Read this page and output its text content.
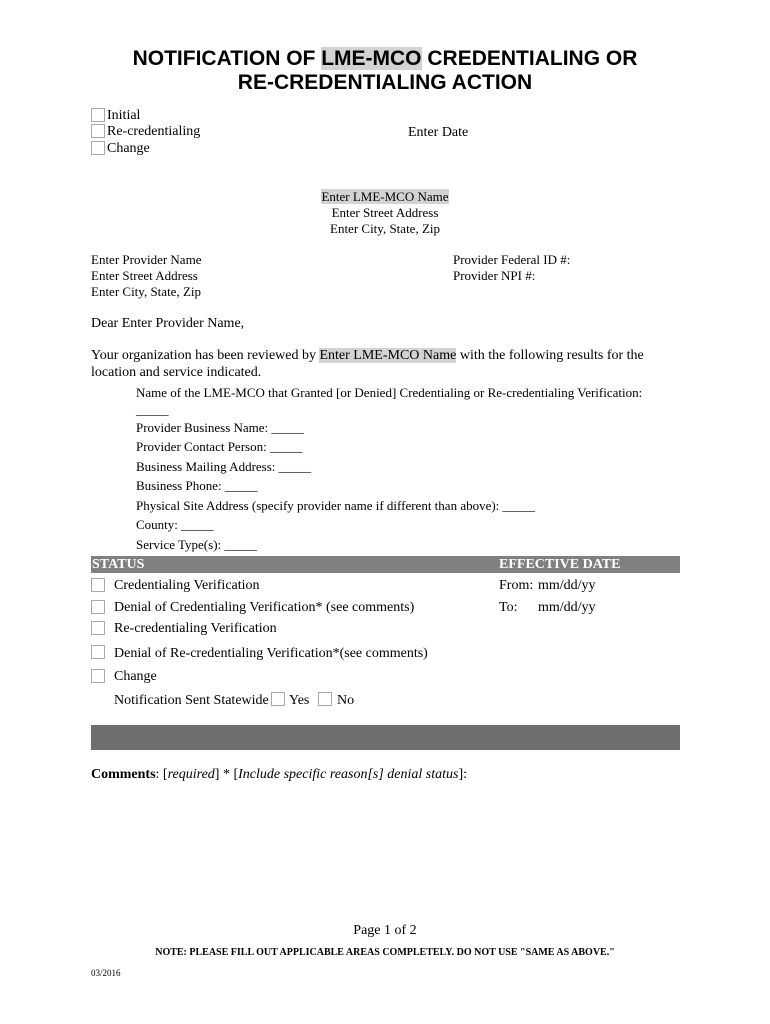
NOTIFICATION OF LME-MCO CREDENTIALING OR
RE-CREDENTIALING ACTION
Initial
Re-credentialing
Change
Enter Date
Enter LME-MCO Name
Enter Street Address
Enter City, State, Zip
Enter Provider Name
Enter Street Address
Enter City, State, Zip
Provider Federal ID #:
Provider NPI #:
Dear Enter Provider Name,
Your organization has been reviewed by Enter LME-MCO Name with the following results for the
location and service indicated.
Name of the LME-MCO that Granted [or Denied] Credentialing or Re-credentialing Verification:
_____
Provider Business Name: _____
Provider Contact Person: _____
Business Mailing Address: _____
Business Phone: _____
Physical Site Address (specify provider name if different than above): _____
County: _____
Service Type(s): _____
STATUS	EFFECTIVE DATE
Credentialing Verification
Denial of Credentialing Verification* (see comments)
Re-credentialing Verification
Denial of Re-credentialing Verification*(see comments)
Change
From: mm/dd/yy
To: mm/dd/yy
Notification Sent Statewide Yes No
Comments: [required] * [Include specific reason[s] denial status]:
Page 1 of 2
NOTE: PLEASE FILL OUT APPLICABLE AREAS COMPLETELY. DO NOT USE "SAME AS ABOVE."
03/2016
